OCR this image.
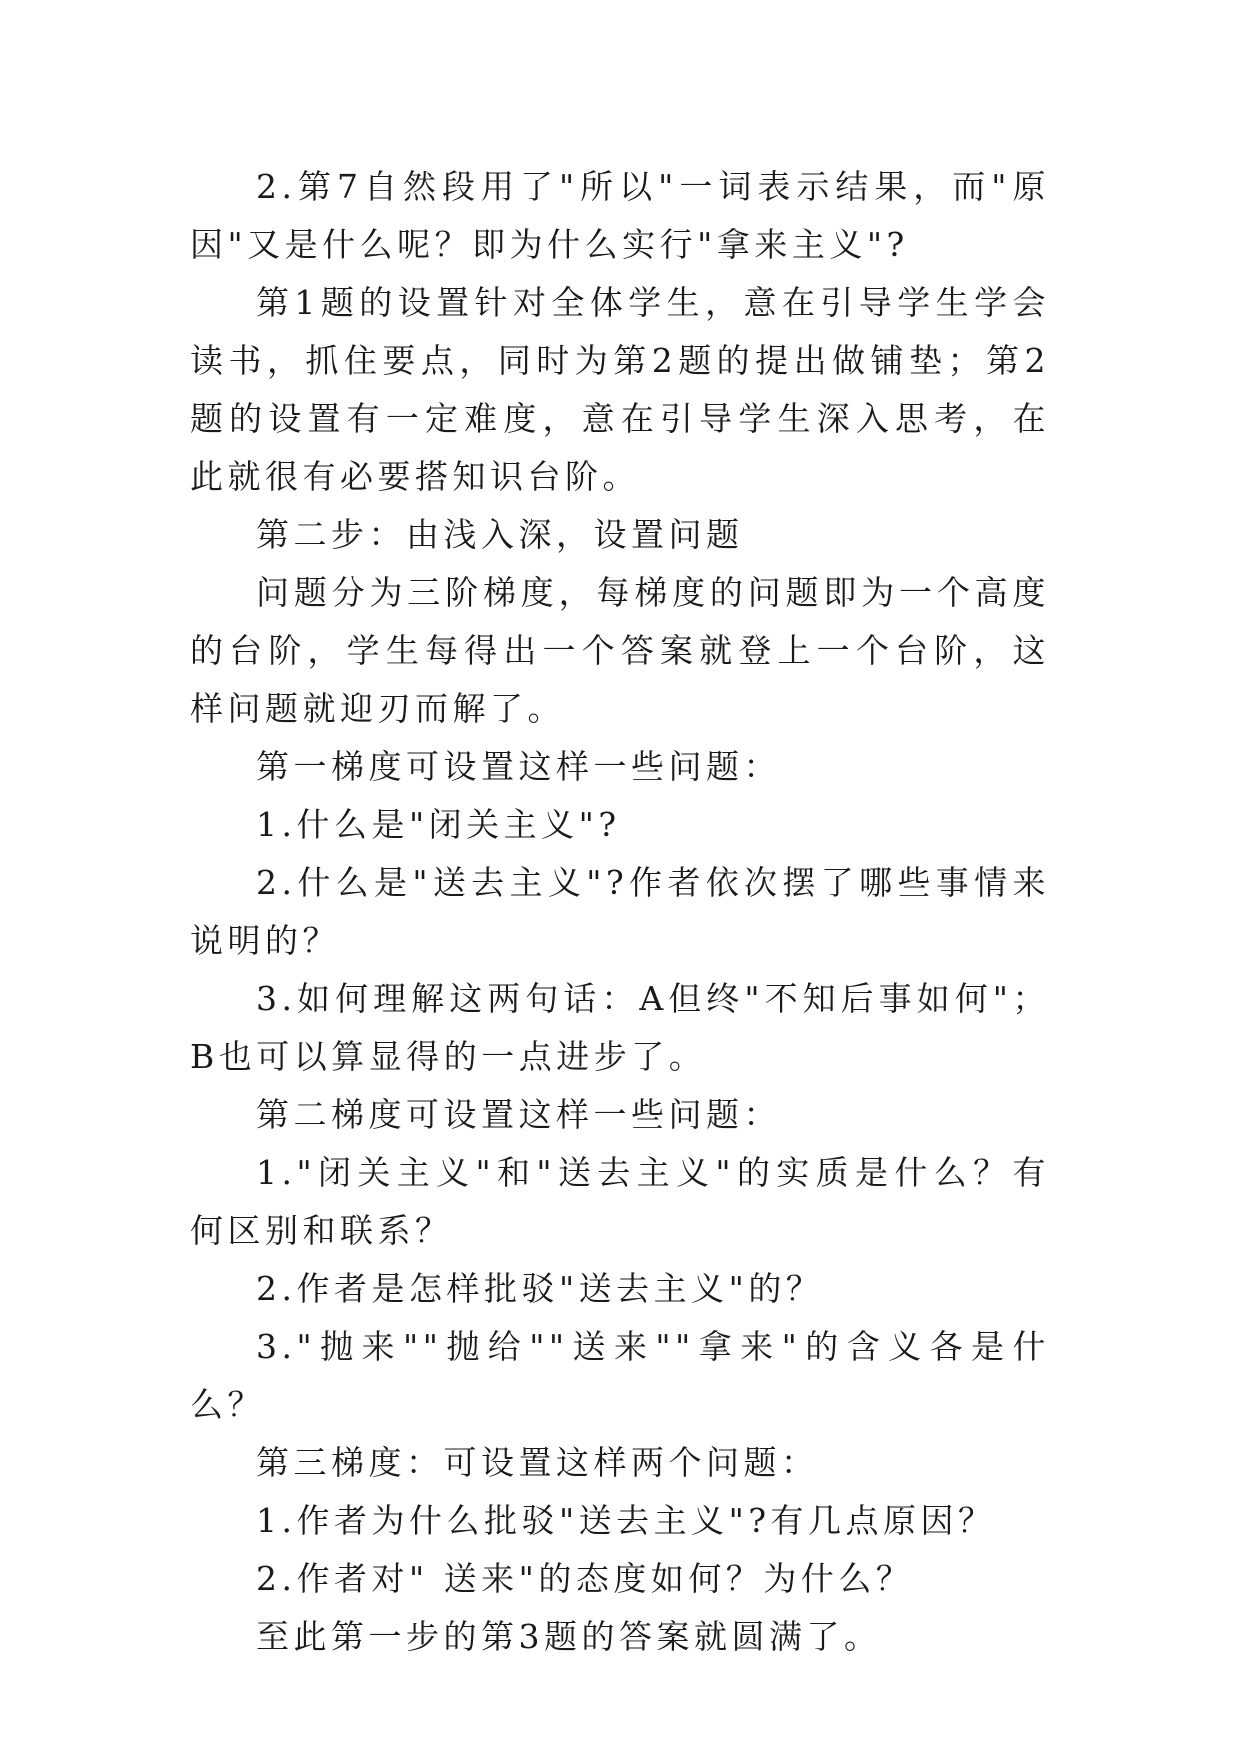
2.第7自然段用了"所以"一词表示结果，而"原因"又是什么呢？即为什么实行"拿来主义"?

第1题的设置针对全体学生，意在引导学生学会读书，抓住要点，同时为第2题的提出做铺垫；第2题的设置有一定难度，意在引导学生深入思考，在此就很有必要搭知识台阶。

第二步：由浅入深，设置问题

问题分为三阶梯度，每梯度的问题即为一个高度的台阶，学生每得出一个答案就登上一个台阶，这样问题就迎刃而解了。

第一梯度可设置这样一些问题：

1.什么是"闭关主义"?

2.什么是"送去主义"?作者依次摆了哪些事情来说明的？

3.如何理解这两句话：A但终"不知后事如何"；B也可以算显得的一点进步了。

第二梯度可设置这样一些问题：

1."闭关主义"和"送去主义"的实质是什么？有何区别和联系？

2.作者是怎样批驳"送去主义"的？

3."抛来""抛给""送来""拿来"的含义各是什么？

第三梯度：可设置这样两个问题：

1.作者为什么批驳"送去主义"?有几点原因？

2.作者对" 送来"的态度如何？为什么？

至此第一步的第3题的答案就圆满了。
